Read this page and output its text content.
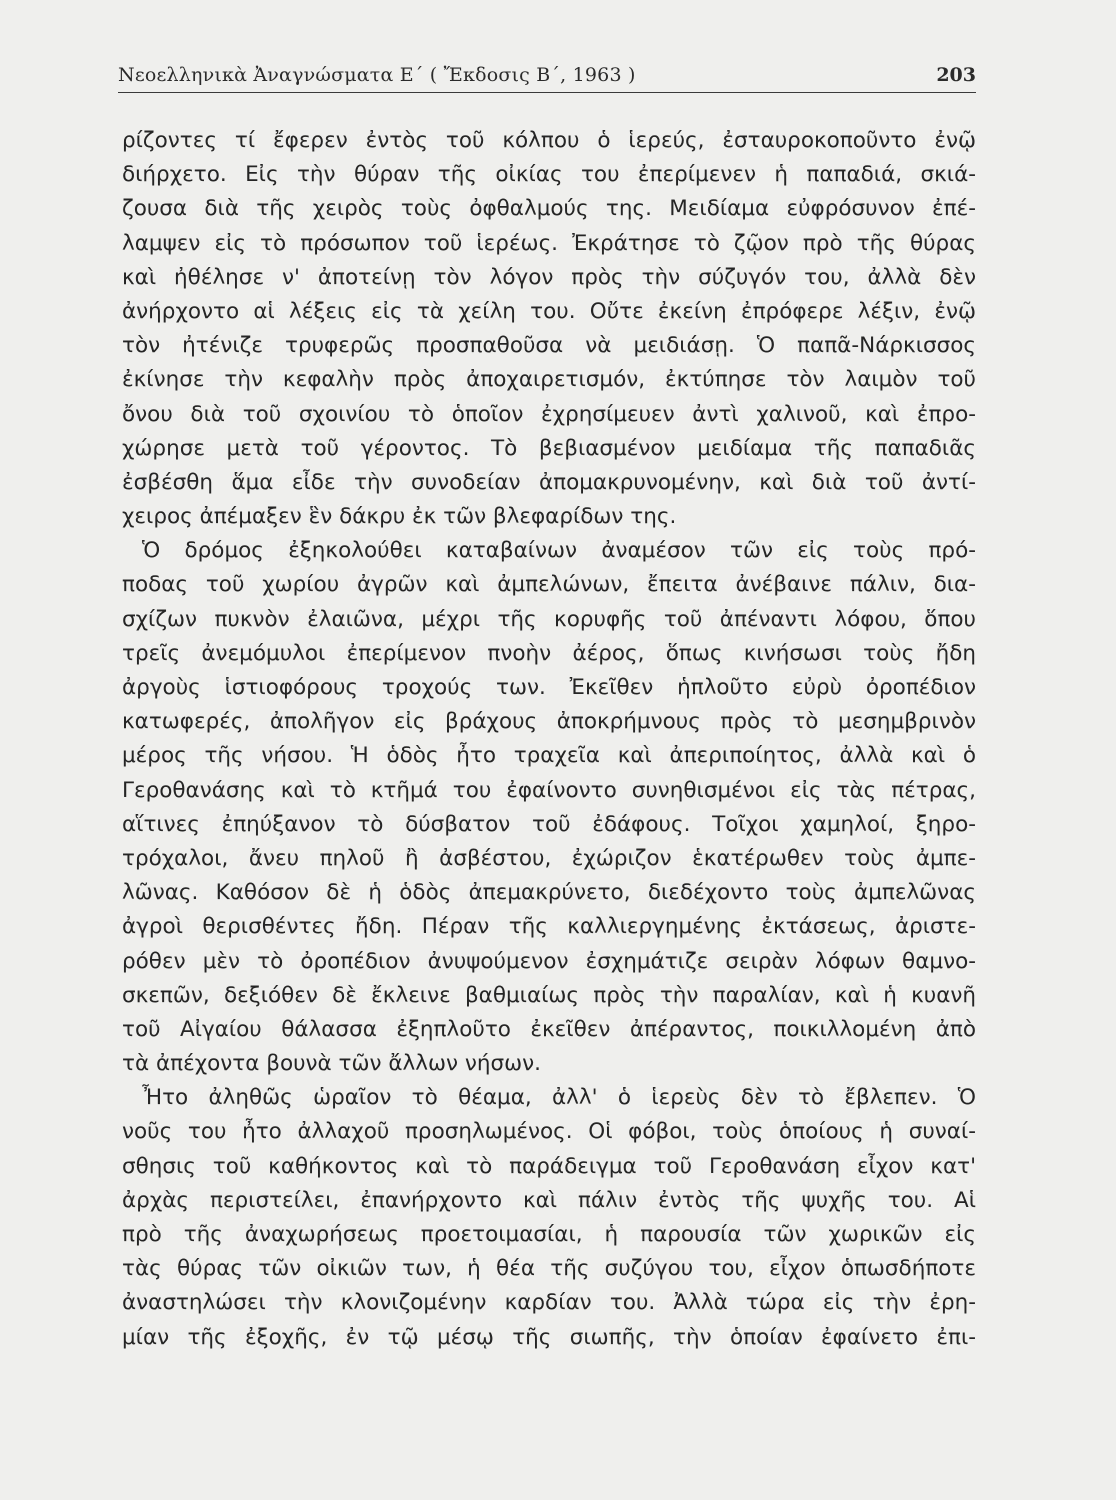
Νεοελληνικὰ Ἀναγνώσματα Ε΄ ( Ἔκδοσις Β΄, 1963 )	203
ρίζοντες τί ἔφερεν ἐντὸς τοῦ κόλπου ὁ ἱερεύς, ἐσταυροκοποῦντο ἐνῷ
διήρχετο. Εἰς τὴν θύραν τῆς οἰκίας του ἐπερίμενεν ἡ παπαδιά, σκιά-
ζουσα διὰ τῆς χειρὸς τοὺς ὀφθαλμούς της. Μειδίαμα εὐφρόσυνον ἐπέ-
λαμψεν εἰς τὸ πρόσωπον τοῦ ἱερέως. Ἐκράτησε τὸ ζῷον πρὸ τῆς θύρας
καὶ ἠθέλησε ν' ἀποτείνῃ τὸν λόγον πρὸς τὴν σύζυγόν του, ἀλλὰ δὲν
ἀνήρχοντο αἱ λέξεις εἰς τὰ χείλη του. Οὔτε ἐκείνη ἐπρόφερε λέξιν, ἐνῷ
τὸν ἠτένιζε τρυφερῶς προσπαθοῦσα νὰ μειδιάσῃ. Ὁ παπᾶ-Νάρκισσος
ἐκίνησε τὴν κεφαλὴν πρὸς ἀποχαιρετισμόν, ἐκτύπησε τὸν λαιμὸν τοῦ
ὄνου διὰ τοῦ σχοινίου τὸ ὁποῖον ἐχρησίμευεν ἀντὶ χαλινοῦ, καὶ ἐπρο-
χώρησε μετὰ τοῦ γέροντος. Τὸ βεβιασμένον μειδίαμα τῆς παπαδιᾶς
ἐσβέσθη ἅμα εἶδε τὴν συνοδείαν ἀπομακρυνομένην, καὶ διὰ τοῦ ἀντί-
χειρος ἀπέμαξεν ἓν δάκρυ ἐκ τῶν βλεφαρίδων της.
Ὁ δρόμος ἐξηκολούθει καταβαίνων ἀναμέσον τῶν εἰς τοὺς πρό-
ποδας τοῦ χωρίου ἀγρῶν καὶ ἀμπελώνων, ἔπειτα ἀνέβαινε πάλιν, δια-
σχίζων πυκνὸν ἐλαιῶνα, μέχρι τῆς κορυφῆς τοῦ ἀπέναντι λόφου, ὅπου
τρεῖς ἀνεμόμυλοι ἐπερίμενον πνοὴν ἀέρος, ὅπως κινήσωσι τοὺς ἤδη
ἀργοὺς ἱστιοφόρους τροχούς των. Ἐκεῖθεν ἡπλοῦτο εὐρὺ ὀροπέδιον
κατωφερές, ἀπολῆγον εἰς βράχους ἀποκρήμνους πρὸς τὸ μεσημβρινὸν
μέρος τῆς νήσου. Ἡ ὁδὸς ἦτο τραχεῖα καὶ ἀπεριποίητος, ἀλλὰ καὶ ὁ
Γεροθανάσης καὶ τὸ κτῆμά του ἐφαίνοντο συνηθισμένοι εἰς τὰς πέτρας,
αἵτινες ἐπηύξανον τὸ δύσβατον τοῦ ἐδάφους. Τοῖχοι χαμηλοί, ξηρο-
τρόχαλοι, ἄνευ πηλοῦ ἢ ἀσβέστου, ἐχώριζον ἑκατέρωθεν τοὺς ἀμπε-
λῶνας. Καθόσον δὲ ἡ ὁδὸς ἀπεμακρύνετο, διεδέχοντο τοὺς ἀμπελῶνας
ἀγροὶ θερισθέντες ἤδη. Πέραν τῆς καλλιεργημένης ἐκτάσεως, ἀριστε-
ρόθεν μὲν τὸ ὀροπέδιον ἀνυψούμενον ἐσχημάτιζε σειρὰν λόφων θαμνο-
σκεπῶν, δεξιόθεν δὲ ἔκλεινε βαθμιαίως πρὸς τὴν παραλίαν, καὶ ἡ κυανῆ
τοῦ Αἰγαίου θάλασσα ἐξηπλοῦτο ἐκεῖθεν ἀπέραντος, ποικιλλομένη ἀπὸ
τὰ ἀπέχοντα βουνὰ τῶν ἄλλων νήσων.
Ἦτο ἀληθῶς ὡραῖον τὸ θέαμα, ἀλλ' ὁ ἱερεὺς δὲν τὸ ἔβλεπεν. Ὁ
νοῦς του ἦτο ἀλλαχοῦ προσηλωμένος. Οἱ φόβοι, τοὺς ὁποίους ἡ συναί-
σθησις τοῦ καθήκοντος καὶ τὸ παράδειγμα τοῦ Γεροθανάση εἶχον κατ'
ἀρχὰς περιστείλει, ἐπανήρχοντο καὶ πάλιν ἐντὸς τῆς ψυχῆς του. Αἱ
πρὸ τῆς ἀναχωρήσεως προετοιμασίαι, ἡ παρουσία τῶν χωρικῶν εἰς
τὰς θύρας τῶν οἰκιῶν των, ἡ θέα τῆς συζύγου του, εἶχον ὁπωσδήποτε
ἀναστηλώσει τὴν κλονιζομένην καρδίαν του. Ἀλλὰ τώρα εἰς τὴν ἐρη-
μίαν τῆς ἐξοχῆς, ἐν τῷ μέσῳ τῆς σιωπῆς, τὴν ὁποίαν ἐφαίνετο ἐπι-
